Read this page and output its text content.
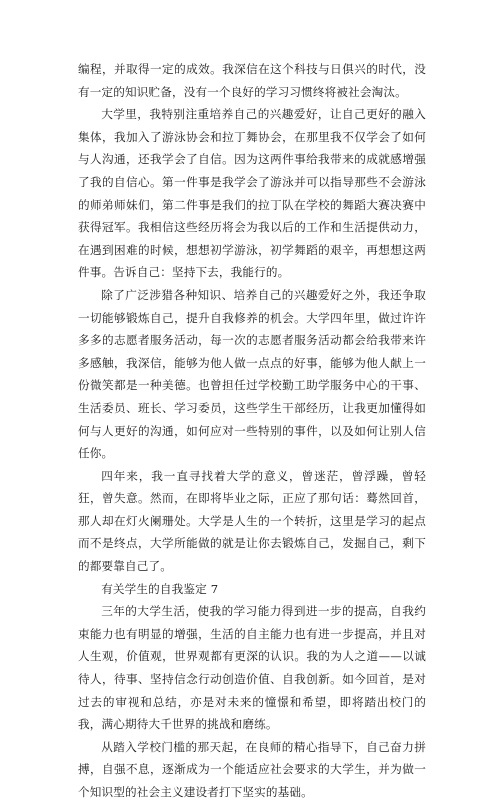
编程，并取得一定的成效。我深信在这个科技与日俱兴的时代，没有一定的知识贮备，没有一个良好的学习习惯终将被社会淘汰。

大学里，我特别注重培养自己的兴趣爱好，让自己更好的融入集体，我加入了游泳协会和拉丁舞协会，在那里我不仅学会了如何与人沟通，还我学会了自信。因为这两件事给我带来的成就感增强了我的自信心。第一件事是我学会了游泳并可以指导那些不会游泳的师弟师妹们，第二件事是我们的拉丁队在学校的舞蹈大赛决赛中获得冠军。我相信这些经历将会为我以后的工作和生活提供动力，在遇到困难的时候，想想初学游泳，初学舞蹈的艰辛，再想想这两件事。告诉自己：坚持下去，我能行的。

除了广泛涉猎各种知识、培养自己的兴趣爱好之外，我还争取一切能够锻炼自己，提升自我修养的机会。大学四年里，做过许许多多的志愿者服务活动，每一次的志愿者服务活动都会给我带来许多感触，我深信，能够为他人做一点点的好事，能够为他人献上一份微笑都是一种美德。也曾担任过学校勤工助学服务中心的干事、生活委员、班长、学习委员，这些学生干部经历，让我更加懂得如何与人更好的沟通，如何应对一些特别的事件，以及如何让别人信任你。

四年来，我一直寻找着大学的意义，曾迷茫，曾浮躁，曾轻狂，曾失意。然而，在即将毕业之际，正应了那句话：蓦然回首，那人却在灯火阑珊处。大学是人生的一个转折，这里是学习的起点而不是终点，大学所能做的就是让你去锻炼自己，发掘自己，剩下的都要靠自己了。

有关学生的自我鉴定 7

三年的大学生活，使我的学习能力得到进一步的提高，自我约束能力也有明显的增强，生活的自主能力也有进一步提高，并且对人生观，价值观，世界观都有更深的认识。我的为人之道——以诚待人，待事、坚持信念行动创造价值、自我创新。如今回首，是对过去的审视和总结，亦是对未来的憧憬和希望，即将踏出校门的我，满心期待大千世界的挑战和磨练。

从踏入学校门槛的那天起，在良师的精心指导下，自己奋力拼搏，自强不息，逐渐成为一个能适应社会要求的大学生，并为做一个知识型的社会主义建设者打下坚实的基础。
